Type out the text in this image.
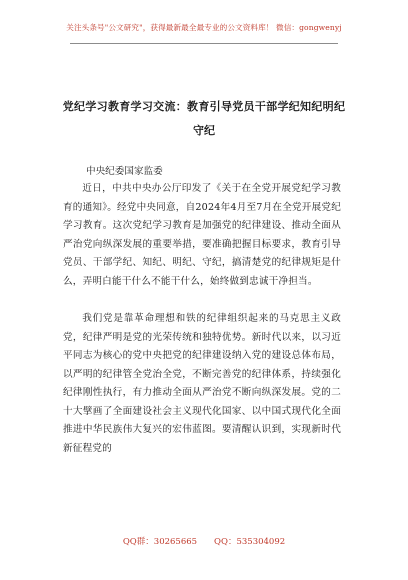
关注头条号"公文研究"，获得最新最全最专业的公文资料库！ 微信：gongwenyj
党纪学习教育学习交流：教育引导党员干部学纪知纪明纪
守纪
中央纪委国家监委

近日，中共中央办公厅印发了《关于在全党开展党纪学习教育的通知》。经党中央同意，自2024年4月至7月在全党开展党纪学习教育。这次党纪学习教育是加强党的纪律建设、推动全面从严治党向纵深发展的重要举措，要准确把握目标要求，教育引导党员、干部学纪、知纪、明纪、守纪，搞清楚党的纪律规矩是什么，弄明白能干什么不能干什么，始终做到忠诚干净担当。

我们党是靠革命理想和铁的纪律组织起来的马克思主义政党，纪律严明是党的光荣传统和独特优势。新时代以来，以习近平同志为核心的党中央把党的纪律建设纳入党的建设总体布局，以严明的纪律管全党治全党，不断完善党的纪律体系，持续强化纪律刚性执行，有力推动全面从严治党不断向纵深发展。党的二十大擘画了全面建设社会主义现代化国家、以中国式现代化全面推进中华民族伟大复兴的宏伟蓝图。要清醒认识到，实现新时代新征程党的

QQ群：30265665　　QQ：535304092
